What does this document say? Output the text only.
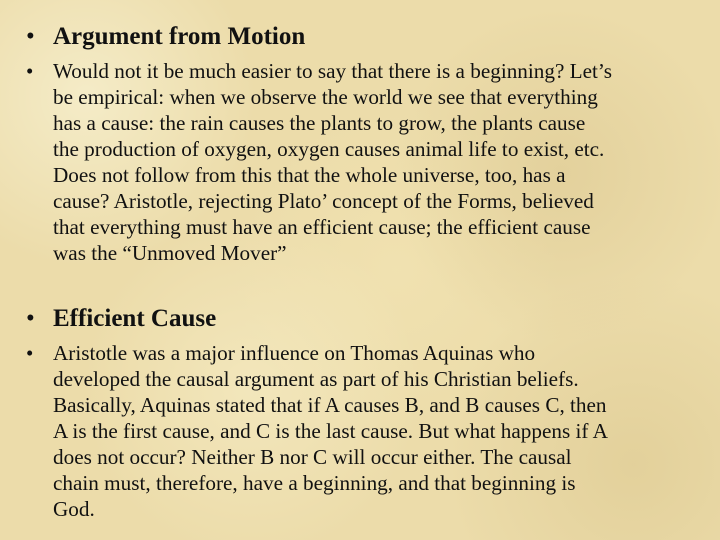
• Argument from Motion
• Would not it be much easier to say that there is a beginning? Let’s
be empirical: when we observe the world we see that everything
has a cause: the rain causes the plants to grow, the plants cause
the production of oxygen, oxygen causes animal life to exist, etc.
Does not follow from this that the whole universe, too, has a
cause? Aristotle, rejecting Plato’ concept of the Forms, believed
that everything must have an efficient cause; the efficient cause
was the “Unmoved Mover”

• Efficient Cause
• Aristotle was a major influence on Thomas Aquinas who
developed the causal argument as part of his Christian beliefs.
Basically, Aquinas stated that if A causes B, and B causes C, then
A is the first cause, and C is the last cause. But what happens if A
does not occur? Neither B nor C will occur either. The causal
chain must, therefore, have a beginning, and that beginning is
God.
